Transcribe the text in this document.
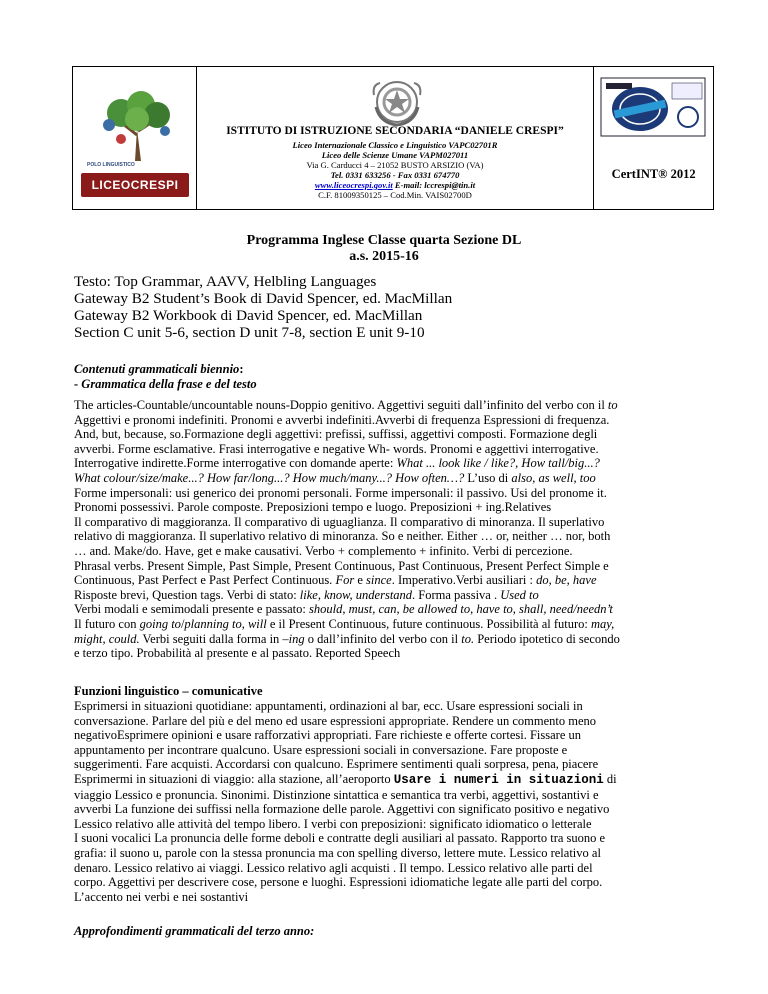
POLO LINGUISTICO
LICEOCRESPI
ISTITUTO DI ISTRUZIONE SECONDARIA “DANIELE CRESPI”
Liceo Internazionale Classico e Linguistico VAPC02701R
Liceo delle Scienze Umane VAPM027011
Via G. Carducci 4 – 21052 BUSTO ARSIZIO (VA)
Tel. 0331 633256 - Fax 0331 674770
www.liceocrespi.gov.it E-mail: lccrespi@tin.it
C.F. 81009350125 – Cod.Min. VAIS02700D
CertINT® 2012
Programma Inglese Classe quarta Sezione DL
a.s. 2015-16
Testo: Top Grammar, AAVV, Helbling Languages
Gateway B2 Student’s Book di David Spencer, ed. MacMillan
Gateway B2 Workbook di David Spencer, ed. MacMillan
Section C unit 5-6, section D unit 7-8, section E unit 9-10
Contenuti grammaticali biennio:
- Grammatica della frase e del testo

The articles-Countable/uncountable nouns-Doppio genitivo. Aggettivi seguiti dall’infinito del verbo con il to

Aggettivi e pronomi indefiniti. Pronomi e avverbi indefiniti.Avverbi di frequenza Espressioni di frequenza.

And, but, because, so.Formazione degli aggettivi: prefissi, suffissi, aggettivi composti. Formazione degli

avverbi. Forme esclamative. Frasi interrogative e negative Wh- words. Pronomi e aggettivi interrogative.

Interrogative indirette.Forme interrogative con domande aperte: What ... look like / like?, How tall/big...?

What colour/size/make...? How far/long...? How much/many...? How often…? L’uso di also, as well, too

Forme impersonali: usi generico dei pronomi personali. Forme impersonali: il passivo. Usi del pronome it.

Pronomi possessivi. Parole composte. Preposizioni tempo e luogo. Preposizioni + ing.Relatives

Il comparativo di maggioranza. Il comparativo di uguaglianza. Il comparativo di minoranza. Il superlativo

relativo di maggioranza. Il superlativo relativo di minoranza. So e neither. Either … or, neither … nor, both

… and. Make/do. Have, get e make causativi. Verbo + complemento + infinito. Verbi di percezione.

Phrasal verbs. Present Simple, Past Simple, Present Continuous, Past Continuous, Present Perfect Simple e

Continuous, Past Perfect e Past Perfect Continuous. For e since. Imperativo.Verbi ausiliari : do, be, have

Risposte brevi, Question tags. Verbi di stato: like, know, understand. Forma passiva . Used to

Verbi modali e semimodali presente e passato: should, must, can, be allowed to, have to, shall, need/needn’t

Il futuro con going to/planning to, will e il Present Continuous, future continuous. Possibilità al futuro: may,

might, could. Verbi seguiti dalla forma in –ing o dall’infinito del verbo con il to. Periodo ipotetico di secondo

e terzo tipo. Probabilità al presente e al passato. Reported Speech

Funzioni linguistico – comunicative

Esprimersi in situazioni quotidiane: appuntamenti, ordinazioni al bar, ecc. Usare espressioni sociali in

conversazione. Parlare del più e del meno ed usare espressioni appropriate. Rendere un commento meno

negativoEsprimere opinioni e usare rafforzativi appropriati. Fare richieste e offerte cortesi. Fissare un

appuntamento per incontrare qualcuno. Usare espressioni sociali in conversazione. Fare proposte e

suggerimenti. Fare acquisti. Accordarsi con qualcuno. Esprimere sentimenti quali sorpresa, pena, piacere

Esprimermi in situazioni di viaggio: alla stazione, all’aeroporto Usare i numeri in situazioni di

viaggio Lessico e pronuncia. Sinonimi. Distinzione sintattica e semantica tra verbi, aggettivi, sostantivi e

avverbi La funzione dei suffissi nella formazione delle parole. Aggettivi con significato positivo e negativo

Lessico relativo alle attività del tempo libero. I verbi con preposizioni: significato idiomatico o letterale

I suoni vocalici La pronuncia delle forme deboli e contratte degli ausiliari al passato. Rapporto tra suono e

grafia: il suono u, parole con la stessa pronuncia ma con spelling diverso, lettere mute. Lessico relativo al

denaro. Lessico relativo ai viaggi. Lessico relativo agli acquisti . Il tempo. Lessico relativo alle parti del

corpo. Aggettivi per descrivere cose, persone e luoghi. Espressioni idiomatiche legate alle parti del corpo.

L’accento nei verbi e nei sostantivi

Approfondimenti grammaticali del terzo anno:
